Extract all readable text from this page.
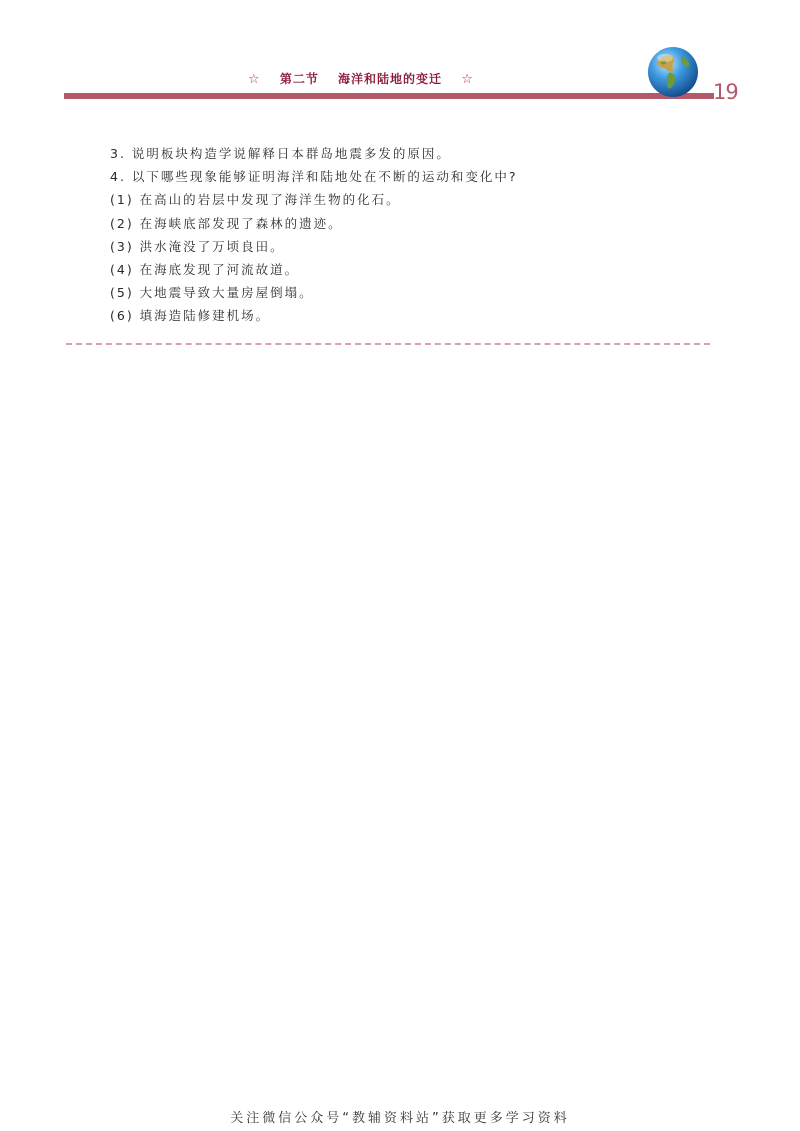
☆ 第二节 海洋和陆地的变迁 ☆
19
3. 说明板块构造学说解释日本群岛地震多发的原因。
4. 以下哪些现象能够证明海洋和陆地处在不断的运动和变化中?
(1) 在高山的岩层中发现了海洋生物的化石。
(2) 在海峡底部发现了森林的遗迹。
(3) 洪水淹没了万顷良田。
(4) 在海底发现了河流故道。
(5) 大地震导致大量房屋倒塌。
(6) 填海造陆修建机场。
关注微信公众号“教辅资料站”获取更多学习资料
